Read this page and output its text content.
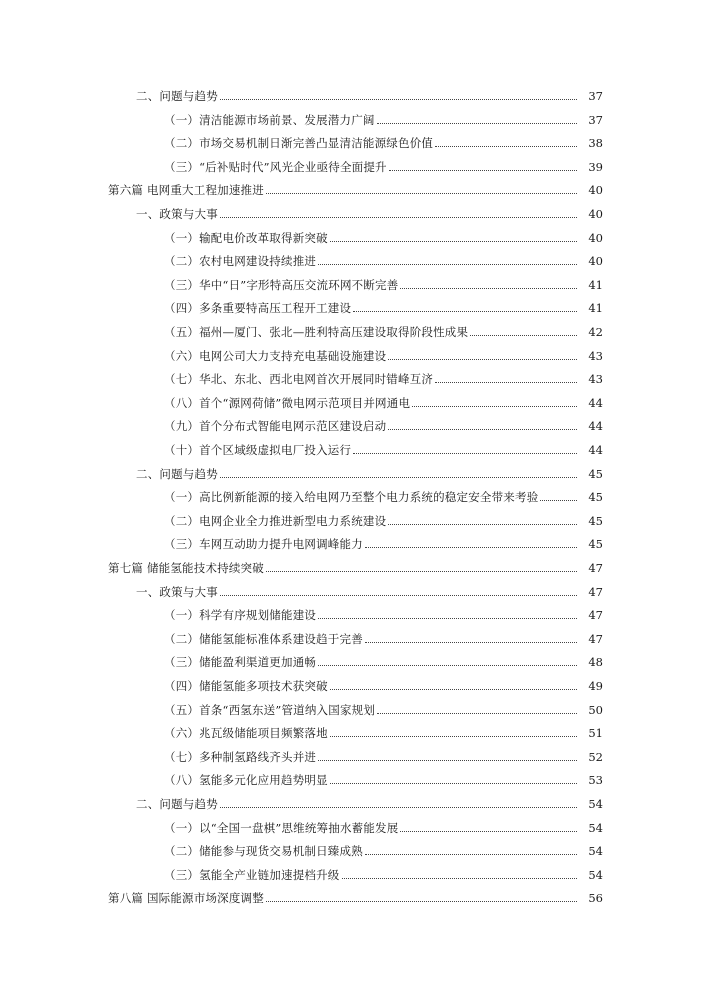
二、问题与趋势	37
（一）清洁能源市场前景、发展潜力广阔	37
（二）市场交易机制日渐完善凸显清洁能源绿色价值	38
（三）“后补贴时代”风光企业亟待全面提升	39
第六篇 电网重大工程加速推进	40
一、政策与大事	40
（一）输配电价改革取得新突破	40
（二）农村电网建设持续推进	40
（三）华中“日”字形特高压交流环网不断完善	41
（四）多条重要特高压工程开工建设	41
（五）福州—厦门、张北—胜利特高压建设取得阶段性成果	42
（六）电网公司大力支持充电基础设施建设	43
（七）华北、东北、西北电网首次开展同时错峰互济	43
（八）首个“源网荷储”微电网示范项目并网通电	44
（九）首个分布式智能电网示范区建设启动	44
（十）首个区域级虚拟电厂投入运行	44
二、问题与趋势	45
（一）高比例新能源的接入给电网乃至整个电力系统的稳定安全带来考验	45
（二）电网企业全力推进新型电力系统建设	45
（三）车网互动助力提升电网调峰能力	45
第七篇 储能氢能技术持续突破	47
一、政策与大事	47
（一）科学有序规划储能建设	47
（二）储能氢能标准体系建设趋于完善	47
（三）储能盈利渠道更加通畅	48
（四）储能氢能多项技术获突破	49
（五）首条“西氢东送”管道纳入国家规划	50
（六）兆瓦级储能项目频繁落地	51
（七）多种制氢路线齐头并进	52
（八）氢能多元化应用趋势明显	53
二、问题与趋势	54
（一）以“全国一盘棋”思维统筹抽水蓄能发展	54
（二）储能参与现货交易机制日臻成熟	54
（三）氢能全产业链加速提档升级	54
第八篇 国际能源市场深度调整	56
